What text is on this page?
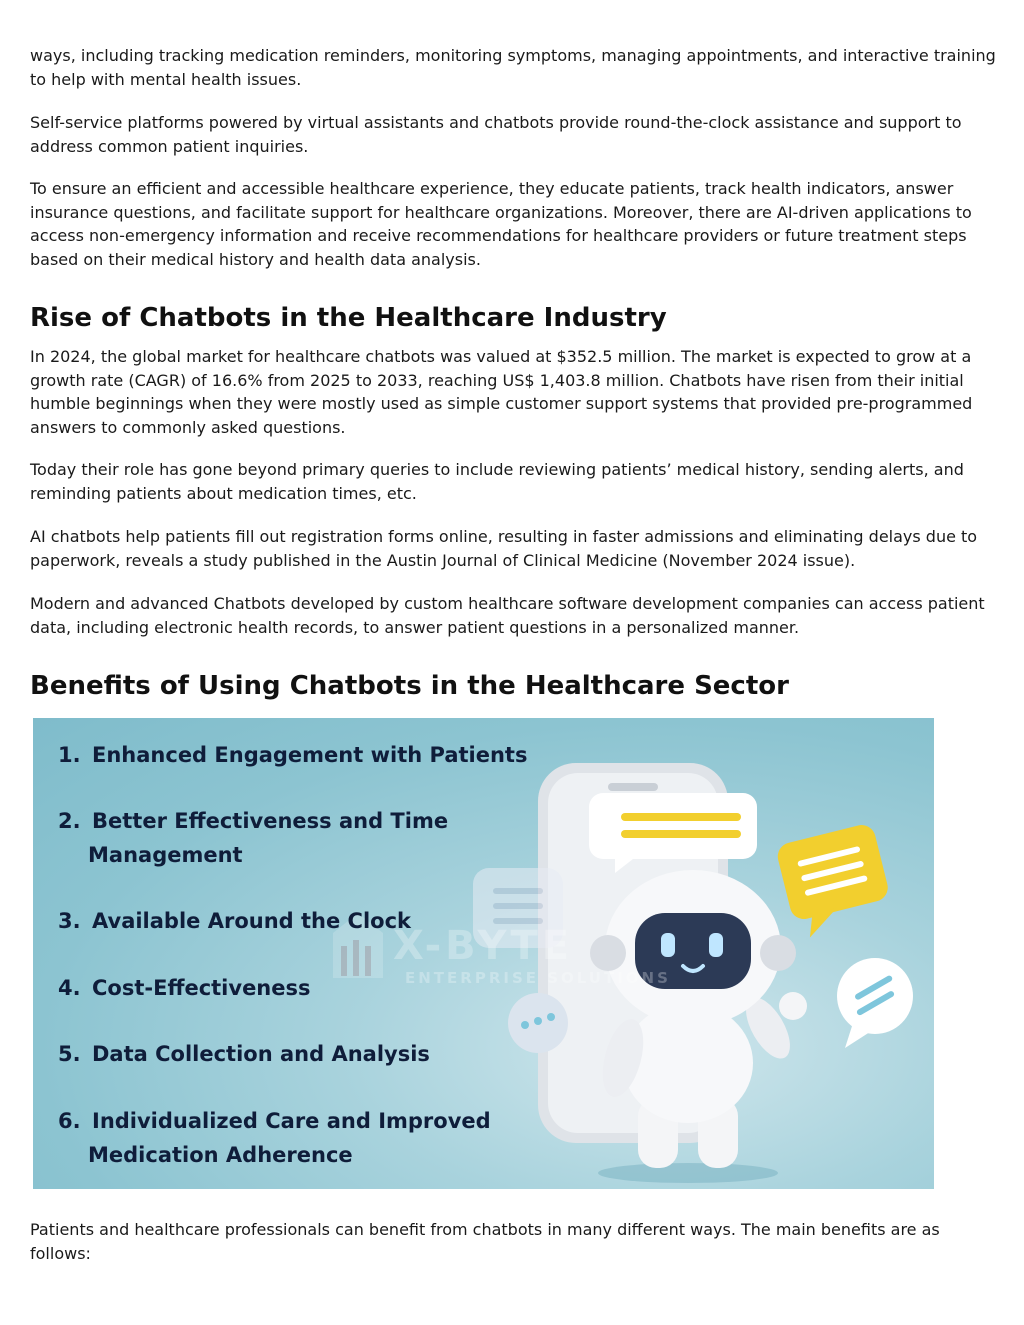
ways, including tracking medication reminders, monitoring symptoms, managing appointments, and interactive training to help with mental health issues.

Self-service platforms powered by virtual assistants and chatbots provide round-the-clock assistance and support to address common patient inquiries.

To ensure an efficient and accessible healthcare experience, they educate patients, track health indicators, answer insurance questions, and facilitate support for healthcare organizations. Moreover, there are AI-driven applications to access non-emergency information and receive recommendations for healthcare providers or future treatment steps based on their medical history and health data analysis.

Rise of Chatbots in the Healthcare Industry

In 2024, the global market for healthcare chatbots was valued at $352.5 million. The market is expected to grow at a growth rate (CAGR) of 16.6% from 2025 to 2033, reaching US$ 1,403.8 million. Chatbots have risen from their initial humble beginnings when they were mostly used as simple customer support systems that provided pre-programmed answers to commonly asked questions.

Today their role has gone beyond primary queries to include reviewing patients’ medical history, sending alerts, and reminding patients about medication times, etc.

AI chatbots help patients fill out registration forms online, resulting in faster admissions and eliminating delays due to paperwork, reveals a study published in the Austin Journal of Clinical Medicine (November 2024 issue).

Modern and advanced Chatbots developed by custom healthcare software development companies can access patient data, including electronic health records, to answer patient questions in a personalized manner.

Benefits of Using Chatbots in the Healthcare Sector
X-BYTE
ENTERPRISE SOLUTIONS
1. Enhanced Engagement with Patients
2. Better Effectiveness and Time
Management
3. Available Around the Clock
4. Cost-Effectiveness
5. Data Collection and Analysis
6. Individualized Care and Improved
Medication Adherence

Patients and healthcare professionals can benefit from chatbots in many different ways. The main benefits are as follows:
